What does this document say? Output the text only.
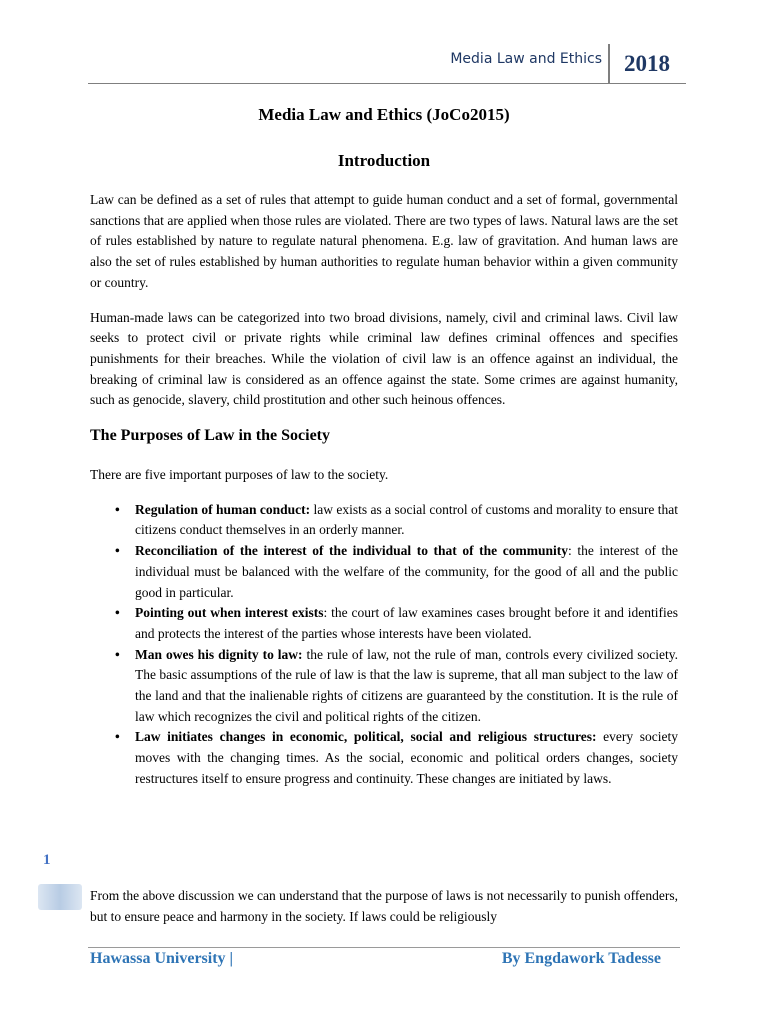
Media Law and Ethics 2018
Media Law and Ethics (JoCo2015)
Introduction

Law can be defined as a set of rules that attempt to guide human conduct and a set of formal, governmental sanctions that are applied when those rules are violated. There are two types of laws. Natural laws are the set of rules established by nature to regulate natural phenomena. E.g. law of gravitation. And human laws are also the set of rules established by human authorities to regulate human behavior within a given community or country.

Human-made laws can be categorized into two broad divisions, namely, civil and criminal laws. Civil law seeks to protect civil or private rights while criminal law defines criminal offences and specifies punishments for their breaches. While the violation of civil law is an offence against an individual, the breaking of criminal law is considered as an offence against the state. Some crimes are against humanity, such as genocide, slavery, child prostitution and other such heinous offences.

The Purposes of Law in the Society

There are five important purposes of law to the society.

• Regulation of human conduct: law exists as a social control of customs and morality to ensure that citizens conduct themselves in an orderly manner.
• Reconciliation of the interest of the individual to that of the community: the interest of the individual must be balanced with the welfare of the community, for the good of all and the public good in particular.
• Pointing out when interest exists: the court of law examines cases brought before it and identifies and protects the interest of the parties whose interests have been violated.
• Man owes his dignity to law: the rule of law, not the rule of man, controls every civilized society. The basic assumptions of the rule of law is that the law is supreme, that all man subject to the law of the land and that the inalienable rights of citizens are guaranteed by the constitution. It is the rule of law which recognizes the civil and political rights of the citizen.
• Law initiates changes in economic, political, social and religious structures: every society moves with the changing times. As the social, economic and political orders changes, society restructures itself to ensure progress and continuity. These changes are initiated by laws.
1
From the above discussion we can understand that the purpose of laws is not necessarily to punish offenders, but to ensure peace and harmony in the society. If laws could be religiously
Hawassa University |	By Engdawork Tadesse
